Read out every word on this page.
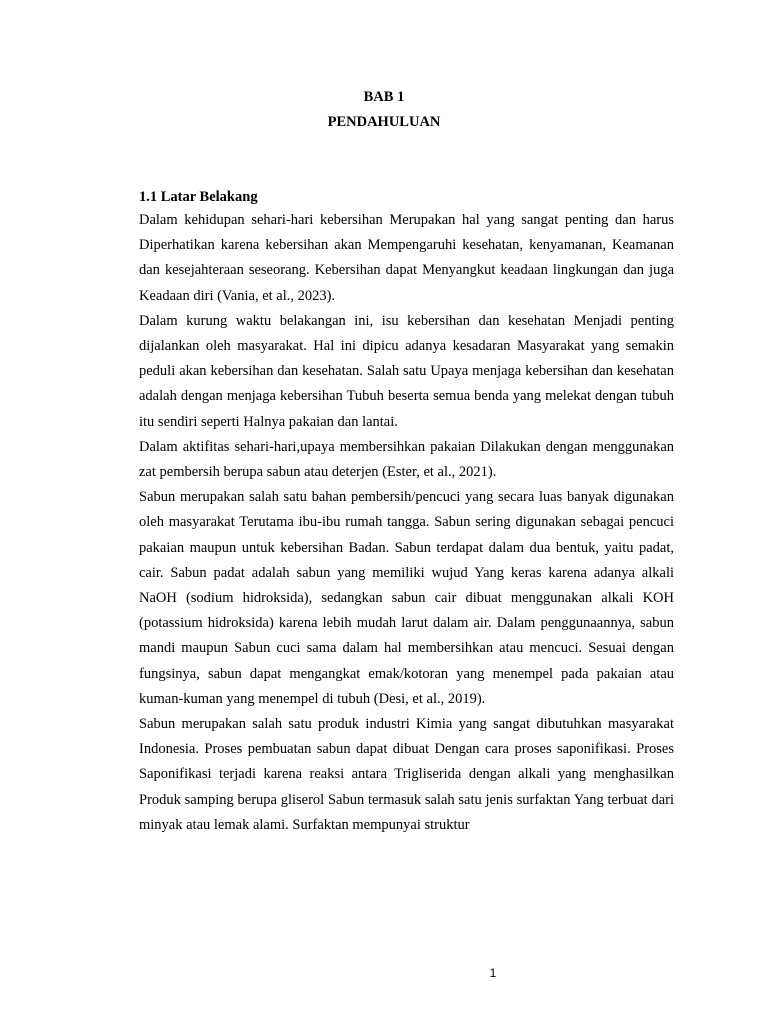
BAB 1
PENDAHULUAN
1.1 Latar Belakang

Dalam kehidupan sehari-hari kebersihan Merupakan hal yang sangat penting dan harus Diperhatikan karena kebersihan akan Mempengaruhi kesehatan, kenyamanan, Keamanan dan kesejahteraan seseorang. Kebersihan dapat Menyangkut keadaan lingkungan dan juga Keadaan diri (Vania, et al., 2023).

Dalam kurung waktu belakangan ini, isu kebersihan dan kesehatan Menjadi penting dijalankan oleh masyarakat. Hal ini dipicu adanya kesadaran Masyarakat yang semakin peduli akan kebersihan dan kesehatan. Salah satu Upaya menjaga kebersihan dan kesehatan adalah dengan menjaga kebersihan Tubuh beserta semua benda yang melekat dengan tubuh itu sendiri seperti Halnya pakaian dan lantai.

Dalam aktifitas sehari-hari,upaya membersihkan pakaian Dilakukan dengan menggunakan zat pembersih berupa sabun atau deterjen (Ester, et al., 2021).

Sabun merupakan salah satu bahan pembersih/pencuci yang secara luas banyak digunakan oleh masyarakat Terutama ibu-ibu rumah tangga. Sabun sering digunakan sebagai pencuci pakaian maupun untuk kebersihan Badan. Sabun terdapat dalam dua bentuk, yaitu padat, cair. Sabun padat adalah sabun yang memiliki wujud Yang keras karena adanya alkali NaOH (sodium hidroksida), sedangkan sabun cair dibuat menggunakan alkali KOH (potassium hidroksida) karena lebih mudah larut dalam air. Dalam penggunaannya, sabun mandi maupun Sabun cuci sama dalam hal membersihkan atau mencuci. Sesuai dengan fungsinya, sabun dapat mengangkat emak/kotoran yang menempel pada pakaian atau kuman-kuman yang menempel di tubuh (Desi, et al., 2019).

Sabun merupakan salah satu produk industri Kimia yang sangat dibutuhkan masyarakat Indonesia. Proses pembuatan sabun dapat dibuat Dengan cara proses saponifikasi. Proses Saponifikasi terjadi karena reaksi antara Trigliserida dengan alkali yang menghasilkan Produk samping berupa gliserol Sabun termasuk salah satu jenis surfaktan Yang terbuat dari minyak atau lemak alami. Surfaktan mempunyai struktur

1
